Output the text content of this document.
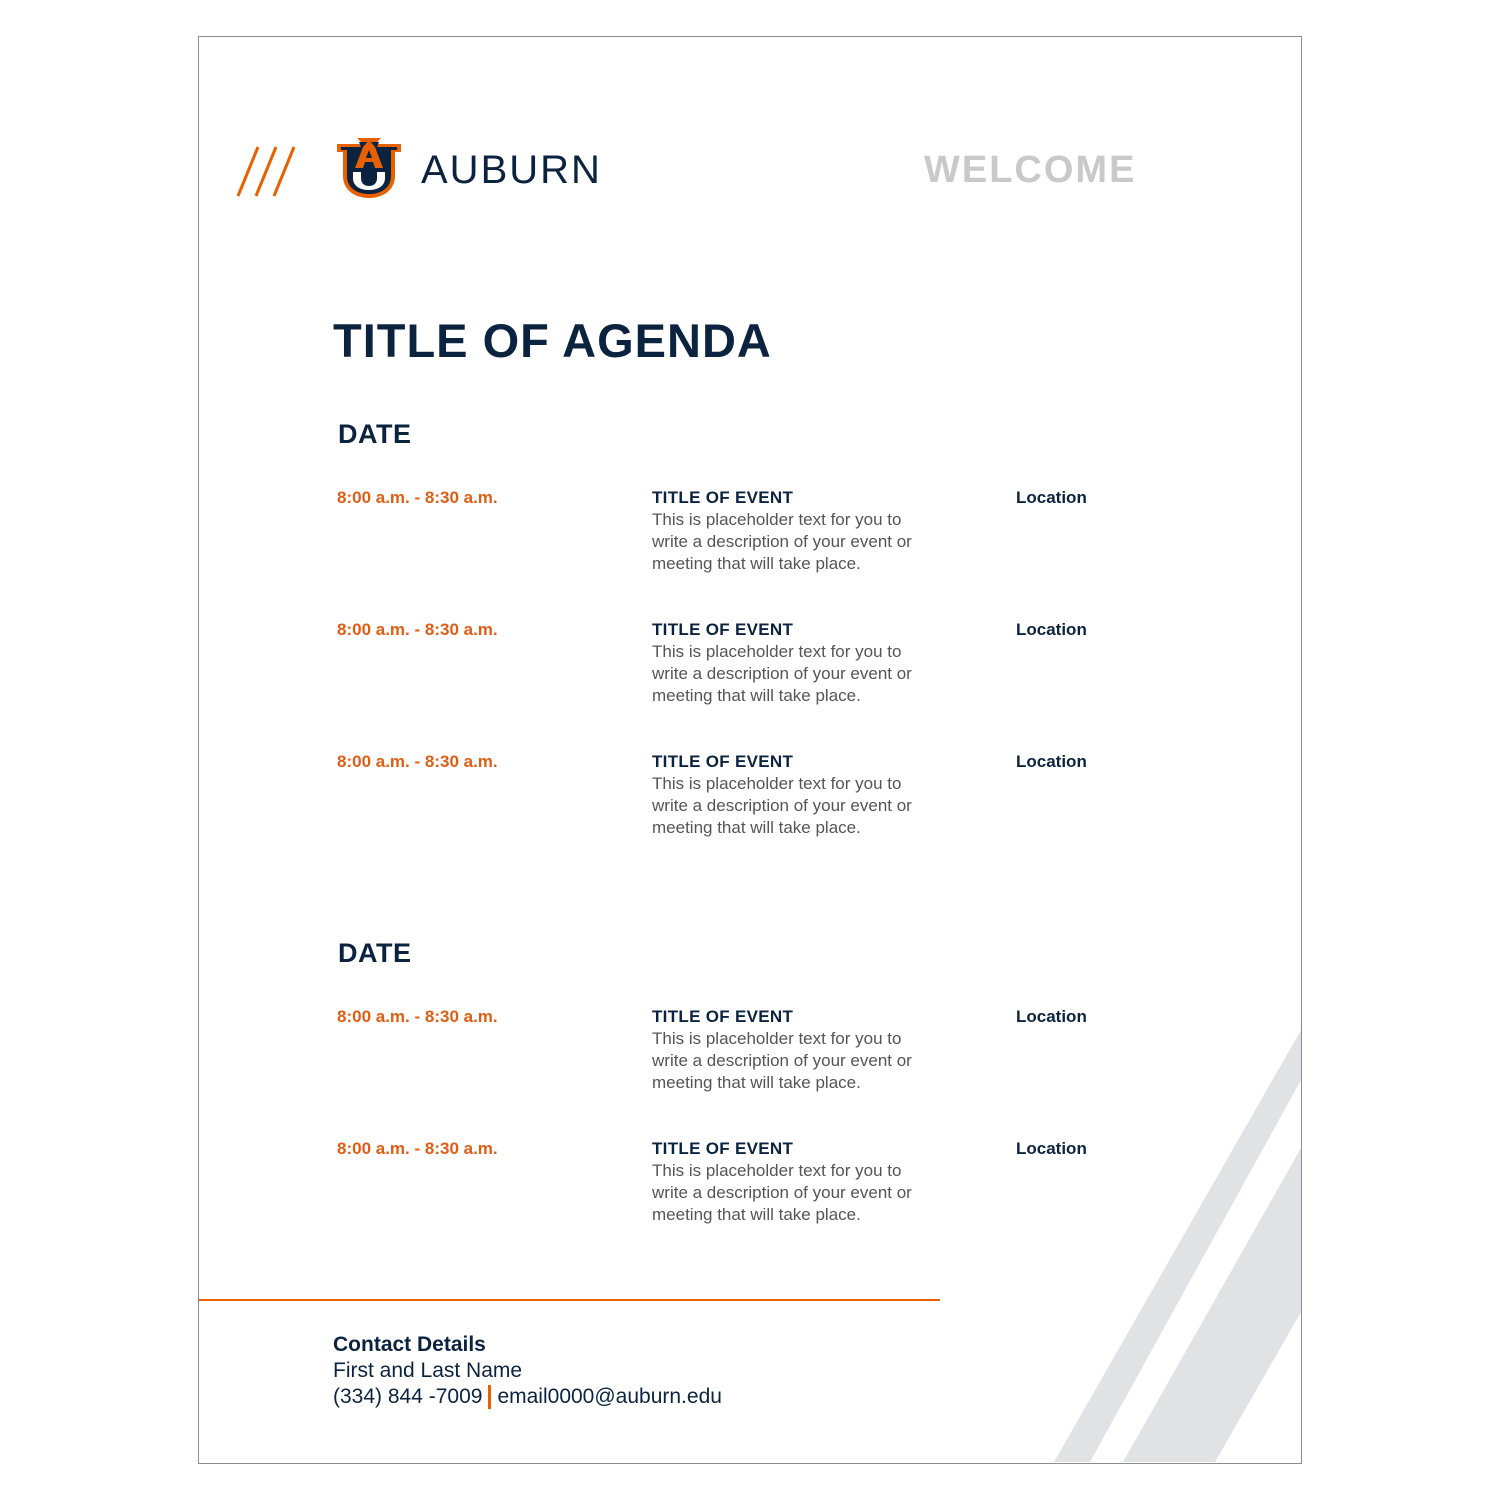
AUBURN	WELCOME
TITLE OF AGENDA
DATE
8:00 a.m. - 8:30 a.m.	TITLE OF EVENT
This is placeholder text for you to
write a description of your event or
meeting that will take place.
Location
8:00 a.m. - 8:30 a.m.	TITLE OF EVENT
This is placeholder text for you to
write a description of your event or
meeting that will take place.
Location
8:00 a.m. - 8:30 a.m.	TITLE OF EVENT
This is placeholder text for you to
write a description of your event or
meeting that will take place.
Location
DATE
8:00 a.m. - 8:30 a.m.	TITLE OF EVENT
This is placeholder text for you to
write a description of your event or
meeting that will take place.
Location
8:00 a.m. - 8:30 a.m.	TITLE OF EVENT
This is placeholder text for you to
write a description of your event or
meeting that will take place.
Location
Contact Details
First and Last Name
(334) 844 -7009 email0000@auburn.edu
